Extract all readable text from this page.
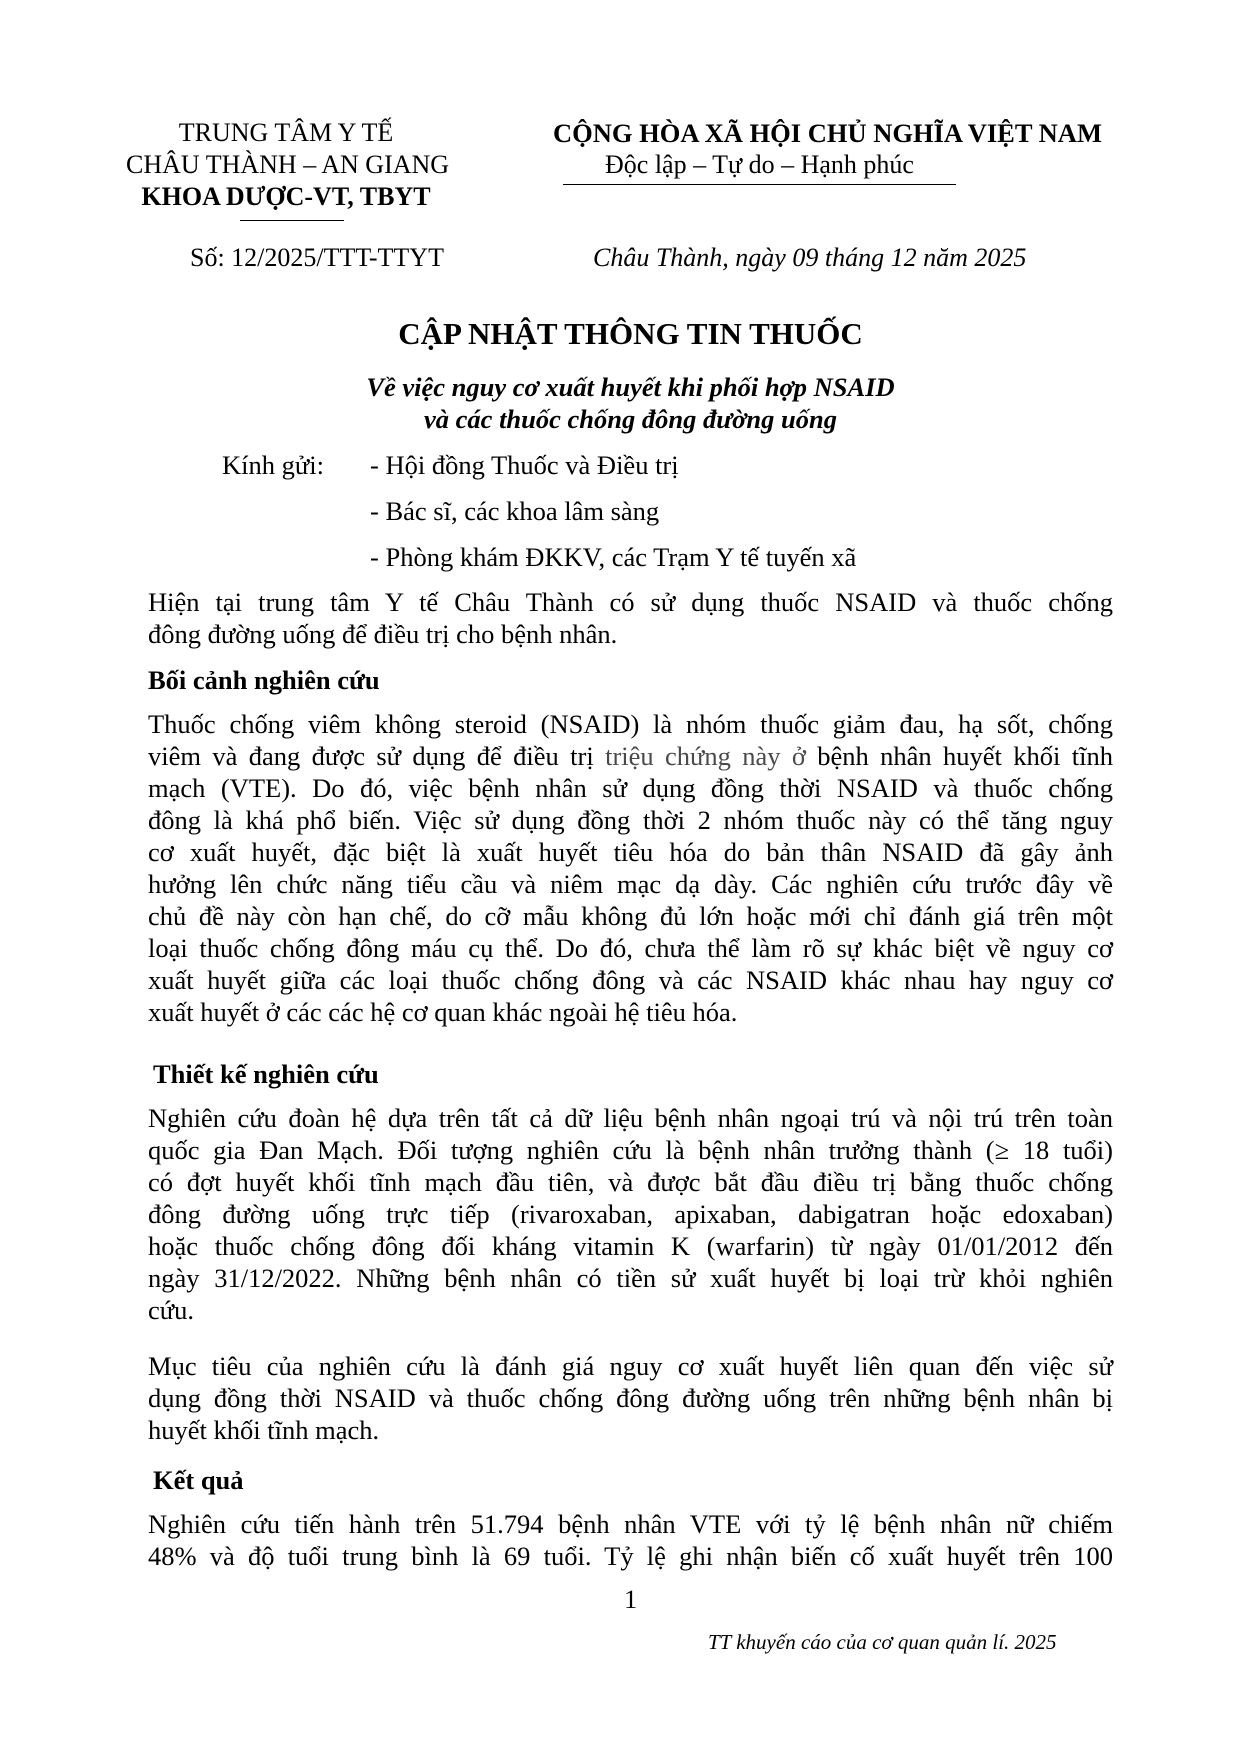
TRUNG TÂM Y TẾ
CHÂU THÀNH – AN GIANG
KHOA DƯỢC-VT, TBYT
CỘNG HÒA XÃ HỘI CHỦ NGHĨA VIỆT NAM
Độc lập – Tự do – Hạnh phúc
Số: 12/2025/TTT-TTYT	Châu Thành, ngày 09 tháng 12 năm 2025
CẬP NHẬT THÔNG TIN THUỐC
Về việc nguy cơ xuất huyết khi phối hợp NSAID
và các thuốc chống đông đường uống
Kính gửi: - Hội đồng Thuốc và Điều trị
- Bác sĩ, các khoa lâm sàng
- Phòng khám ĐKKV, các Trạm Y tế tuyến xã
Hiện tại trung tâm Y tế Châu Thành có sử dụng thuốc NSAID và thuốc chống
đông đường uống để điều trị cho bệnh nhân.
Bối cảnh nghiên cứu
Thuốc chống viêm không steroid (NSAID) là nhóm thuốc giảm đau, hạ sốt, chống
viêm và đang được sử dụng để điều trị triệu chứng này ở bệnh nhân huyết khối tĩnh
mạch (VTE). Do đó, việc bệnh nhân sử dụng đồng thời NSAID và thuốc chống
đông là khá phổ biến. Việc sử dụng đồng thời 2 nhóm thuốc này có thể tăng nguy
cơ xuất huyết, đặc biệt là xuất huyết tiêu hóa do bản thân NSAID đã gây ảnh
hưởng lên chức năng tiểu cầu và niêm mạc dạ dày. Các nghiên cứu trước đây về
chủ đề này còn hạn chế, do cỡ mẫu không đủ lớn hoặc mới chỉ đánh giá trên một
loại thuốc chống đông máu cụ thể. Do đó, chưa thể làm rõ sự khác biệt về nguy cơ
xuất huyết giữa các loại thuốc chống đông và các NSAID khác nhau hay nguy cơ
xuất huyết ở các các hệ cơ quan khác ngoài hệ tiêu hóa.
Thiết kế nghiên cứu
Nghiên cứu đoàn hệ dựa trên tất cả dữ liệu bệnh nhân ngoại trú và nội trú trên toàn
quốc gia Đan Mạch. Đối tượng nghiên cứu là bệnh nhân trưởng thành (≥ 18 tuổi)
có đợt huyết khối tĩnh mạch đầu tiên, và được bắt đầu điều trị bằng thuốc chống
đông đường uống trực tiếp (rivaroxaban, apixaban, dabigatran hoặc edoxaban)
hoặc thuốc chống đông đối kháng vitamin K (warfarin) từ ngày 01/01/2012 đến
ngày 31/12/2022. Những bệnh nhân có tiền sử xuất huyết bị loại trừ khỏi nghiên
cứu.
Mục tiêu của nghiên cứu là đánh giá nguy cơ xuất huyết liên quan đến việc sử
dụng đồng thời NSAID và thuốc chống đông đường uống trên những bệnh nhân bị
huyết khối tĩnh mạch.
Kết quả
Nghiên cứu tiến hành trên 51.794 bệnh nhân VTE với tỷ lệ bệnh nhân nữ chiếm
48% và độ tuổi trung bình là 69 tuổi. Tỷ lệ ghi nhận biến cố xuất huyết trên 100
1
TT khuyến cáo của cơ quan quản lí. 2025
